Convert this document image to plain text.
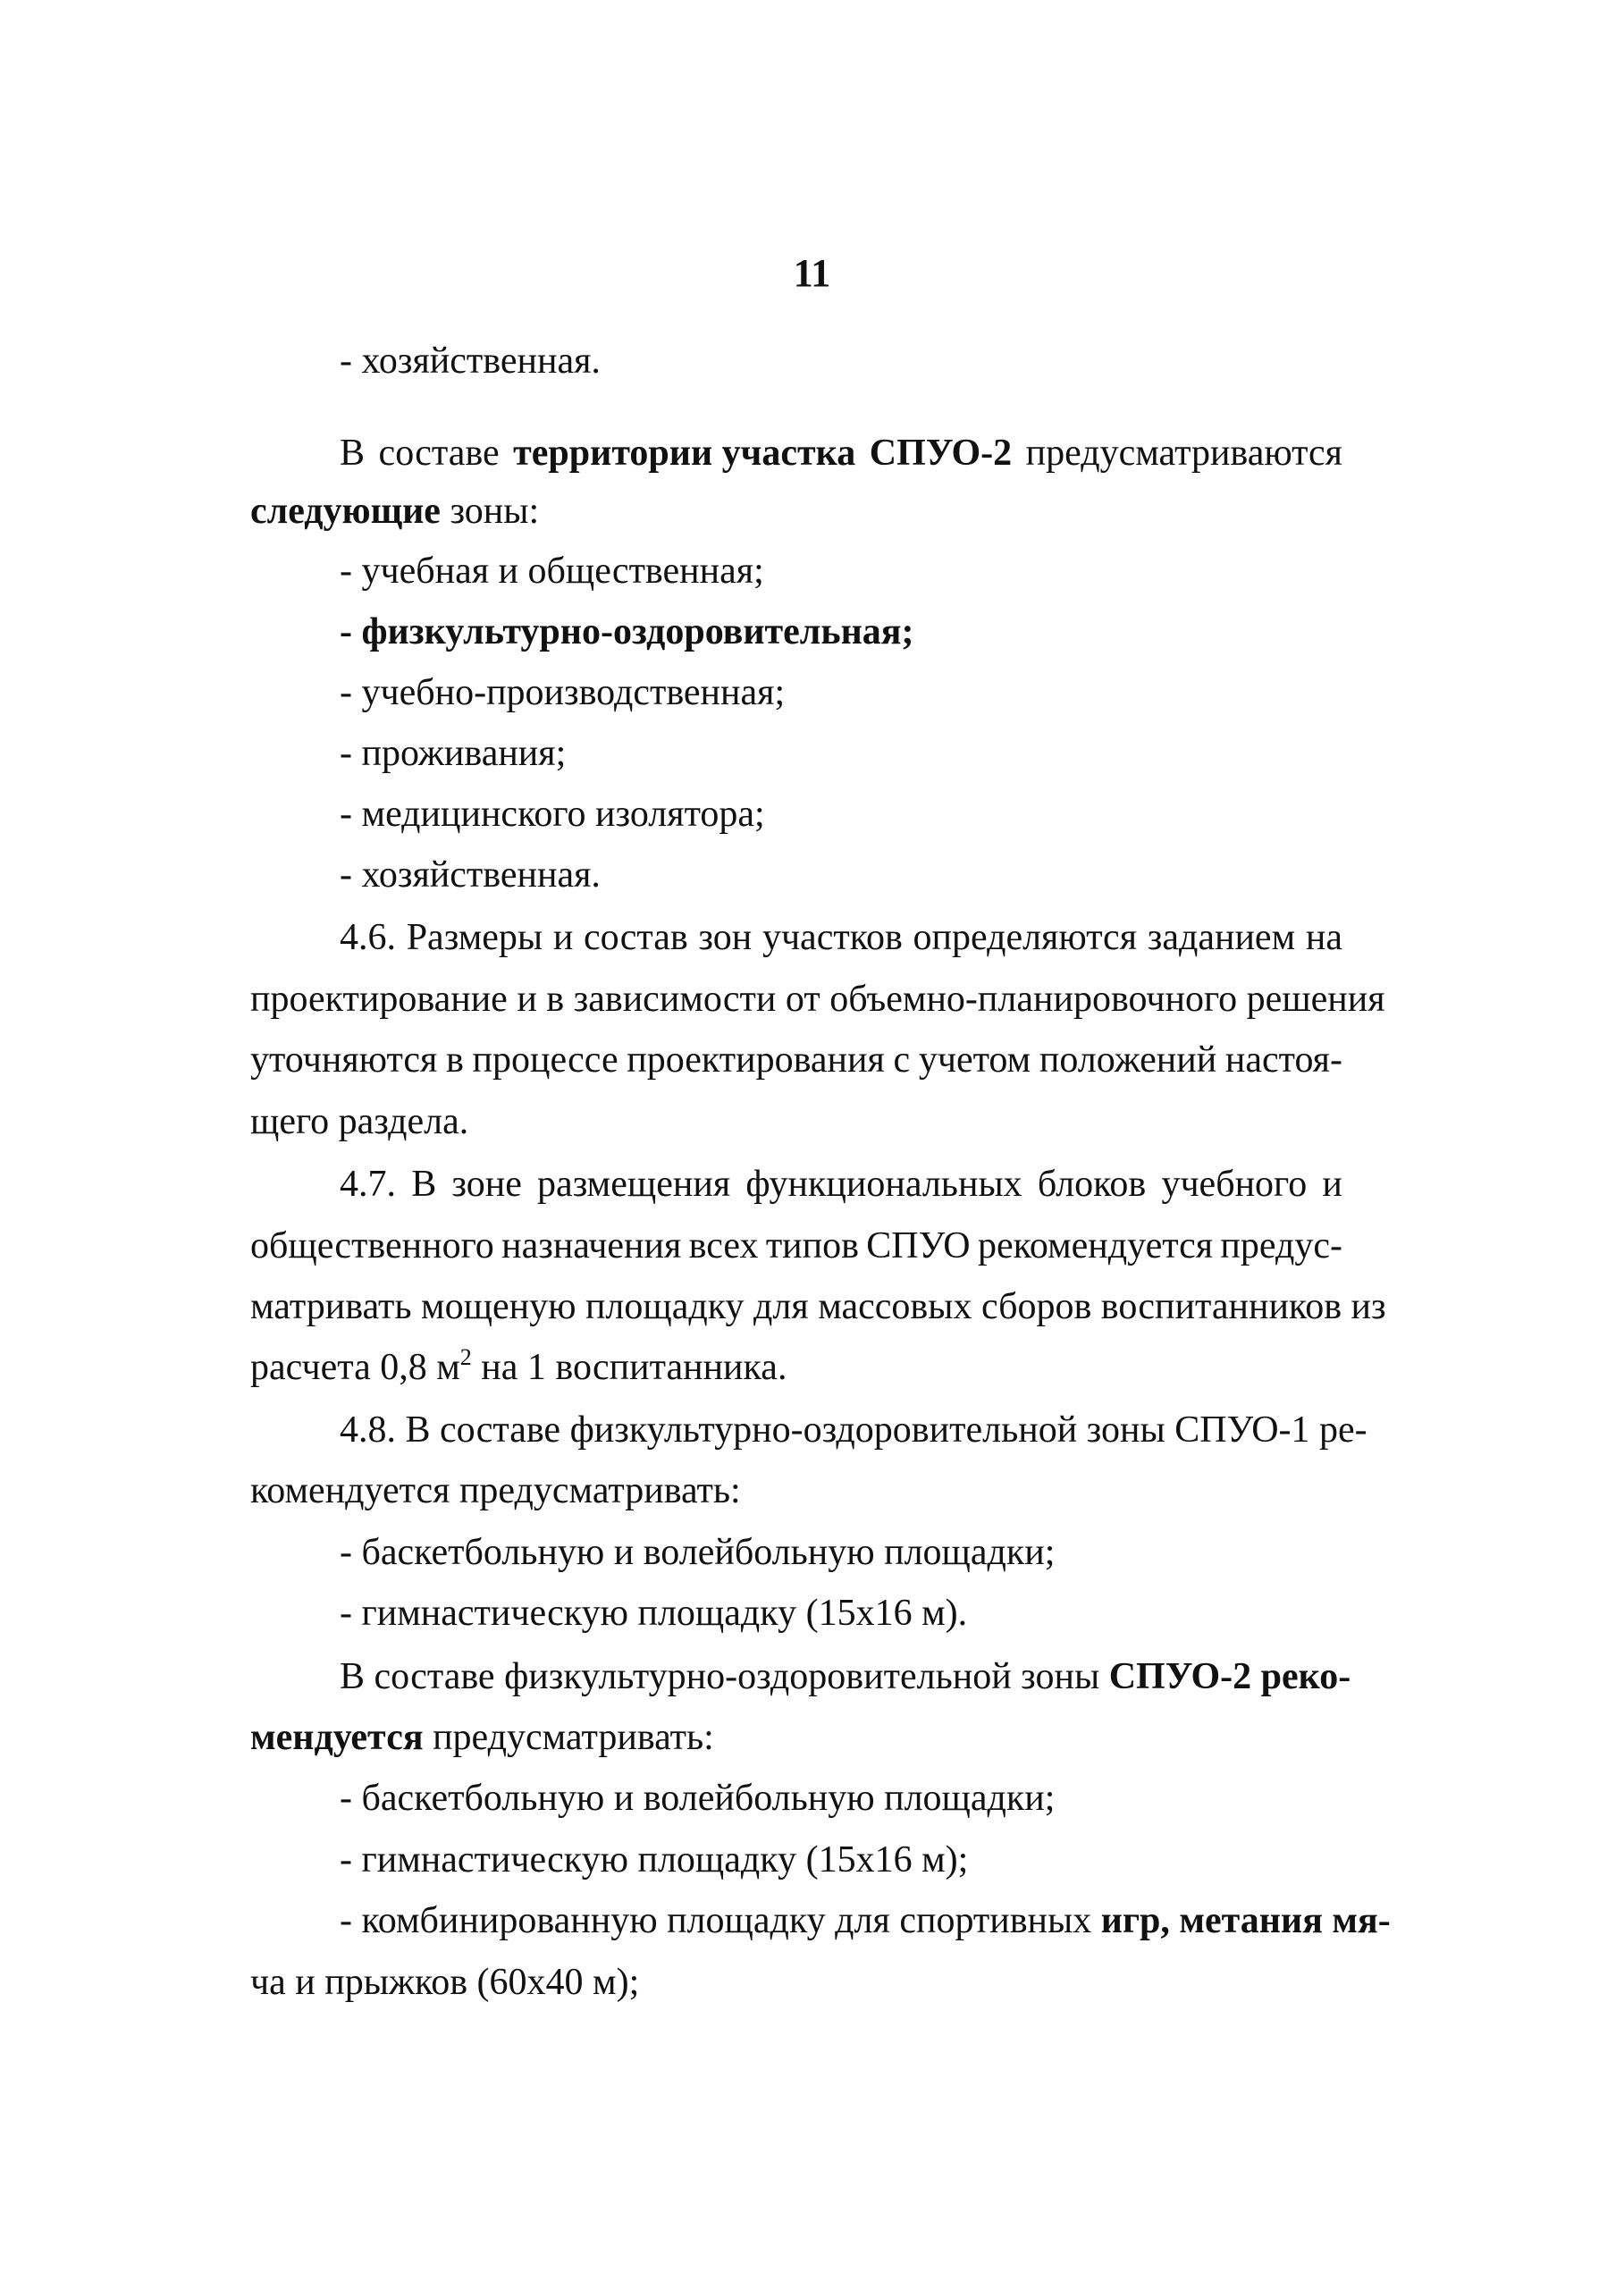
11
- хозяйственная.
В составе территории участка СПУО-2 предусматриваются
следующие зоны:
- учебная и общественная;
- физкультурно-оздоровительная;
- учебно-производственная;
- проживания;
- медицинского изолятора;
- хозяйственная.
4.6. Размеры и состав зон участков определяются заданием на
проектирование и в зависимости от объемно-планировочного решения
уточняются в процессе проектирования с учетом положений настоя-
щего раздела.
4.7. В зоне размещения функциональных блоков учебного и
общественного назначения всех типов СПУО рекомендуется предус-
матривать мощеную площадку для массовых сборов воспитанников из
расчета 0,8 $м^2$ на 1 воспитанника.
4.8. В составе физкультурно-оздоровительной зоны СПУО-1 ре-
комендуется предусматривать:
- баскетбольную и волейбольную площадки;
- гимнастическую площадку (15х16 м).
В составе физкультурно-оздоровительной зоны СПУО-2 реко-
мендуется предусматривать:
- баскетбольную и волейбольную площадки;
- гимнастическую площадку (15х16 м);
- комбинированную площадку для спортивных игр, метания мя-
ча и прыжков (60х40 м);
